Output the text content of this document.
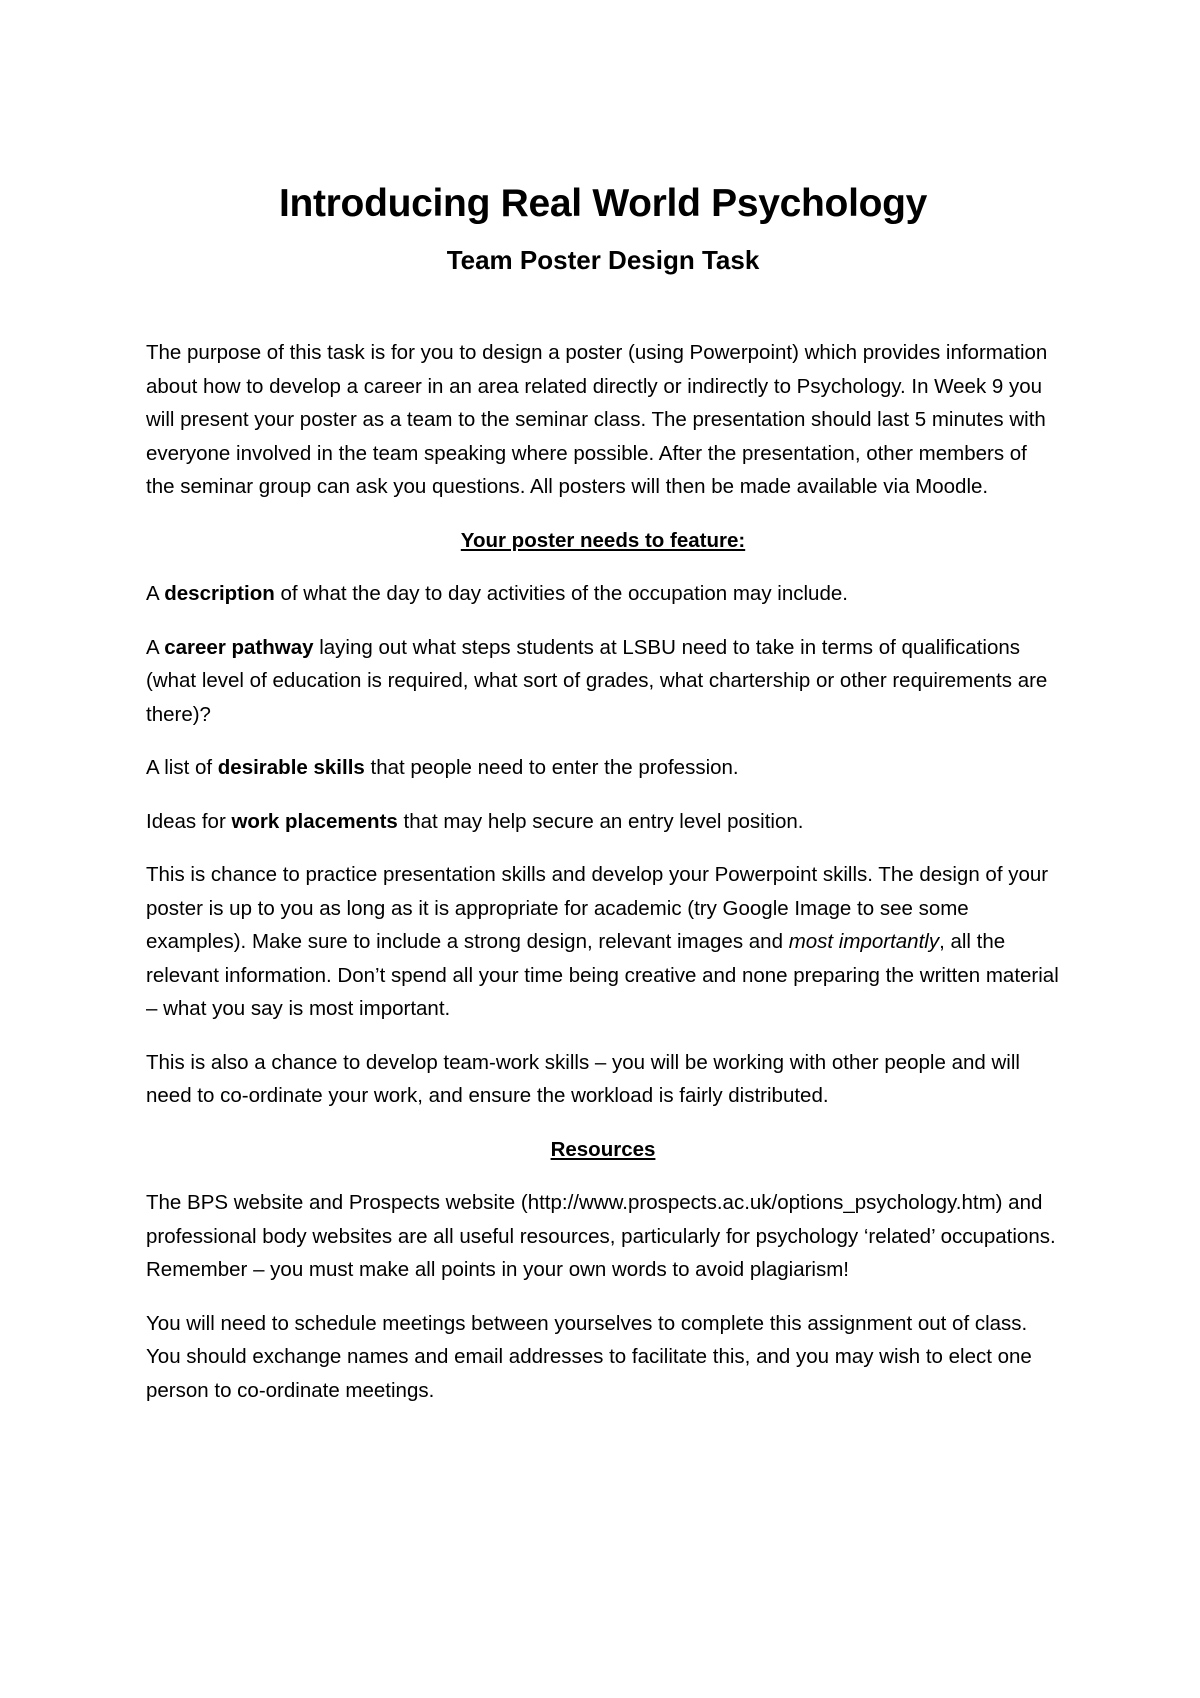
Introducing Real World Psychology
Team Poster Design Task

The purpose of this task is for you to design a poster (using Powerpoint) which provides information about how to develop a career in an area related directly or indirectly to Psychology. In Week 9 you will present your poster as a team to the seminar class. The presentation should last 5 minutes with everyone involved in the team speaking where possible. After the presentation, other members of the seminar group can ask you questions. All posters will then be made available via Moodle.

Your poster needs to feature:

A description of what the day to day activities of the occupation may include.

A career pathway laying out what steps students at LSBU need to take in terms of qualifications (what level of education is required, what sort of grades, what chartership or other requirements are there)?

A list of desirable skills that people need to enter the profession.

Ideas for work placements that may help secure an entry level position.

This is chance to practice presentation skills and develop your Powerpoint skills. The design of your poster is up to you as long as it is appropriate for academic (try Google Image to see some examples). Make sure to include a strong design, relevant images and most importantly, all the relevant information. Don’t spend all your time being creative and none preparing the written material – what you say is most important.

This is also a chance to develop team-work skills – you will be working with other people and will need to co-ordinate your work, and ensure the workload is fairly distributed.

Resources

The BPS website and Prospects website (http://www.prospects.ac.uk/options_psychology.htm) and professional body websites are all useful resources, particularly for psychology ‘related’ occupations. Remember – you must make all points in your own words to avoid plagiarism!

You will need to schedule meetings between yourselves to complete this assignment out of class. You should exchange names and email addresses to facilitate this, and you may wish to elect one person to co-ordinate meetings.
